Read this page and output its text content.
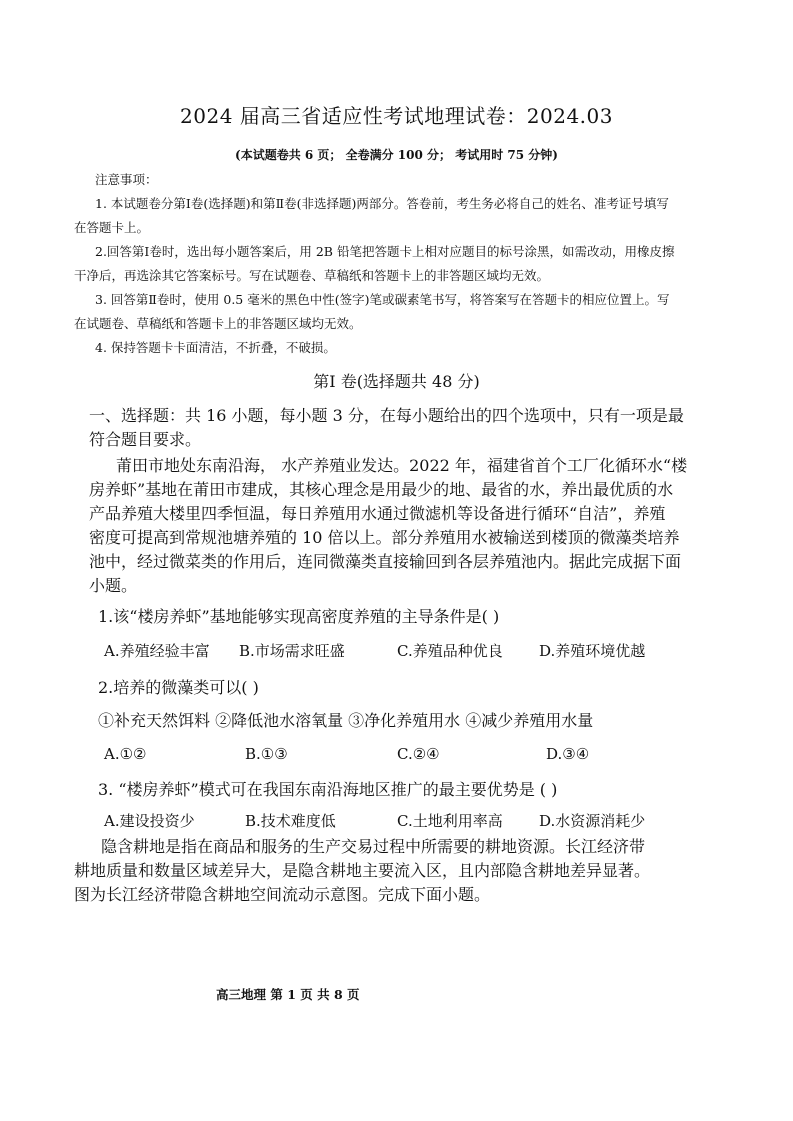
2024 届高三省适应性考试地理试卷：2024.03
(本试题卷共 6 页； 全卷满分 100 分； 考试用时 75 分钟)
注意事项：
1. 本试题卷分第Ⅰ卷(选择题)和第Ⅱ卷(非选择题)两部分。答卷前，考生务必将自己的姓名、准考证号填写
在答题卡上。
2.回答第Ⅰ卷时，选出每小题答案后，用 2B 铅笔把答题卡上相对应题目的标号涂黑，如需改动，用橡皮擦
干净后，再选涂其它答案标号。写在试题卷、草稿纸和答题卡上的非答题区域均无效。
3. 回答第Ⅱ卷时，使用 0.5 毫米的黑色中性(签字)笔或碳素笔书写，将答案写在答题卡的相应位置上。写
在试题卷、草稿纸和答题卡上的非答题区域均无效。
4. 保持答题卡卡面清洁，不折叠，不破损。
第Ⅰ 卷(选择题共 48 分)
一、选择题：共 16 小题，每小题 3 分，在每小题给出的四个选项中，只有一项是最
符合题目要求。
莆田市地处东南沿海， 水产养殖业发达。2022 年，福建省首个工厂化循环水“楼
房养虾”基地在莆田市建成，其核心理念是用最少的地、最省的水，养出最优质的水
产品养殖大楼里四季恒温，每日养殖用水通过微滤机等设备进行循环“自洁”，养殖
密度可提高到常规池塘养殖的 10 倍以上。部分养殖用水被输送到楼顶的微藻类培养
池中，经过微菜类的作用后，连同微藻类直接输回到各层养殖池内。据此完成据下面
小题。
1.该“楼房养虾”基地能够实现高密度养殖的主导条件是( )
A.养殖经验丰富 B.市场需求旺盛	C.养殖品种优良 D.养殖环境优越
2.培养的微藻类可以( )
①补充天然饵料 ②降低池水溶氧量 ③净化养殖用水 ④减少养殖用水量
A.①②	B.①③	C.②④	D.③④
3. “楼房养虾”模式可在我国东南沿海地区推广的最主要优势是 ( )
A.建设投资少	B.技术难度低	C.土地利用率高 D.水资源消耗少
隐含耕地是指在商品和服务的生产交易过程中所需要的耕地资源。长江经济带
耕地质量和数量区域差异大，是隐含耕地主要流入区，且内部隐含耕地差异显著。
图为长江经济带隐含耕地空间流动示意图。完成下面小题。
高三地理 第 1 页 共 8 页
